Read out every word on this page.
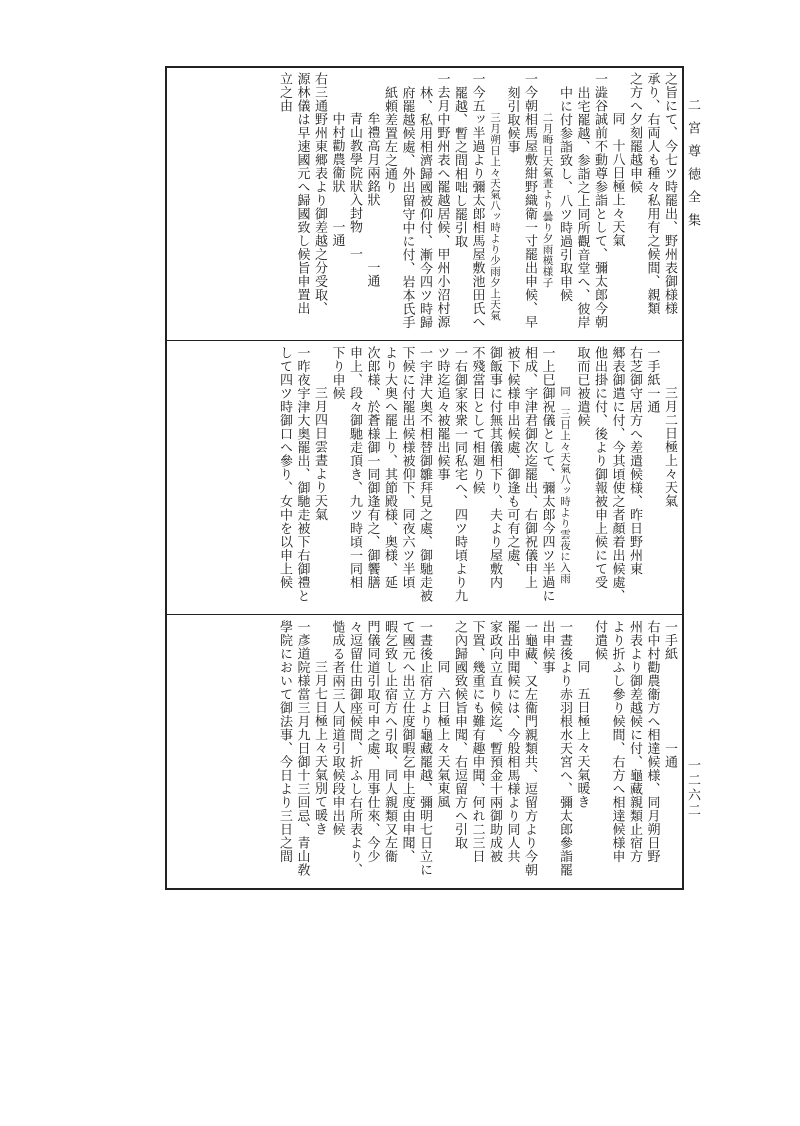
二宮尊徳全集
一二六二
之旨にて、今七ツ時罷出、野州表御様様
承り、右両人も種々私用有之候間、親類
之方へ夕刻罷越申候
同　十八日極上々天氣
一澁谷誠前不動尊参詣として、彌太郎今朝
出宅罷越、参詣之上同所觀音堂へ、彼岸
中に付参詣致し、八ツ時過引取申候
二月晦日天氣晝より曇り夕雨模様子
一今朝相馬屋敷紺野織衛一寸罷出申候、早
刻引取候事
三月朔日上々天氣八ッ時より少雨夕上天氣
一今五ッ半過より彌太郎相馬屋敷池田氏へ
罷越、暫之間相咄し罷引取
一去月中野州表へ罷越居候、甲州小沼村源
林、私用相濟歸國被仰付、漸今四ツ時歸
府罷越候處、外出留守中に付、岩本氏手
紙頼差置左之通り
牟禮高月兩銘狀　　　　一通
青山教學院狀入封物　一
中村勸農衞狀　　一通
右三通野州東郷表より御差越之分受取、
源林儀は早速國元へ歸國致し候旨申置出
立之由
三月二日極上々天氣
一手紙一通
右芝御守居方へ差遣候様、昨日野州東
郷表御遣に付、今其頃使之者顏着出候處、
他出掛に付、後より御報被申上候にて受
取而已被遣候
同　三日上々天氣八ッ時より雲夜に入雨
一上巳御祝儀として、彌太郎今四ツ半過に
相成、宇津君御次迄罷出、右御祝儀申上
被下候様申出候處、御逢も可有之處、
御飯事に付無其儀相下り、夫より屋敷内
不殘當日として相廻り候
一右御家來衆一同私宅へ、四ツ時頃より九
ツ時迄追々被罷出候事
一宇津大奥不相替御雛拜見之處、御馳走被
下候に付罷出候様被仰下、同夜六ツ半頃
より大奥へ罷上り、其節殿様、奥様、延
次郎様、於蒼様御一同御逢有之、御饗膳
申上、段々御馳走頂き、九ツ時頃一同相
下り申候
三月四日雲晝より天氣
一昨夜宇津大奥罷出、御馳走被下右御禮と
して四ツ時御口へ參り、女中を以申上候
一手紙　　　　　　一通
右中村勸農衞方へ相達候様、同月朔日野
州表より御差越候に付、龜藏親類止宿方
より折ふし參り候間、右方へ相達候様申
付遣候
同　五日極上々天氣暖き
一晝後より赤羽根水天宮へ、彌太郎參詣罷
出申候事
一龜藏、又左衞門親類共、逗留方より今朝
罷出申聞候には、今般相馬様より同人共
家政向立直り候迄、暫預金十兩御助成被
下置、幾重にも難有趣申聞、何れ二三日
之內歸國致候旨申聞、右逗留方へ引取
同　六日極上々天氣東風
一晝後止宿方より龜藏罷越、彌明七日立に
て國元へ出立仕度御暇乞申上度由申聞、
暇乞致し止宿方へ引取、同人親類又左衞
門儀同道引取可申之處、用事仕來、今少
々逗留仕由御座候間、折ふし右所表より、
慥成る者兩三人同道引取候段申出候
三月七日極上々天氣別て暖き
一彥道院様當三月九日御十三回忌、青山敎
學院において御法事、今日より三日之間
